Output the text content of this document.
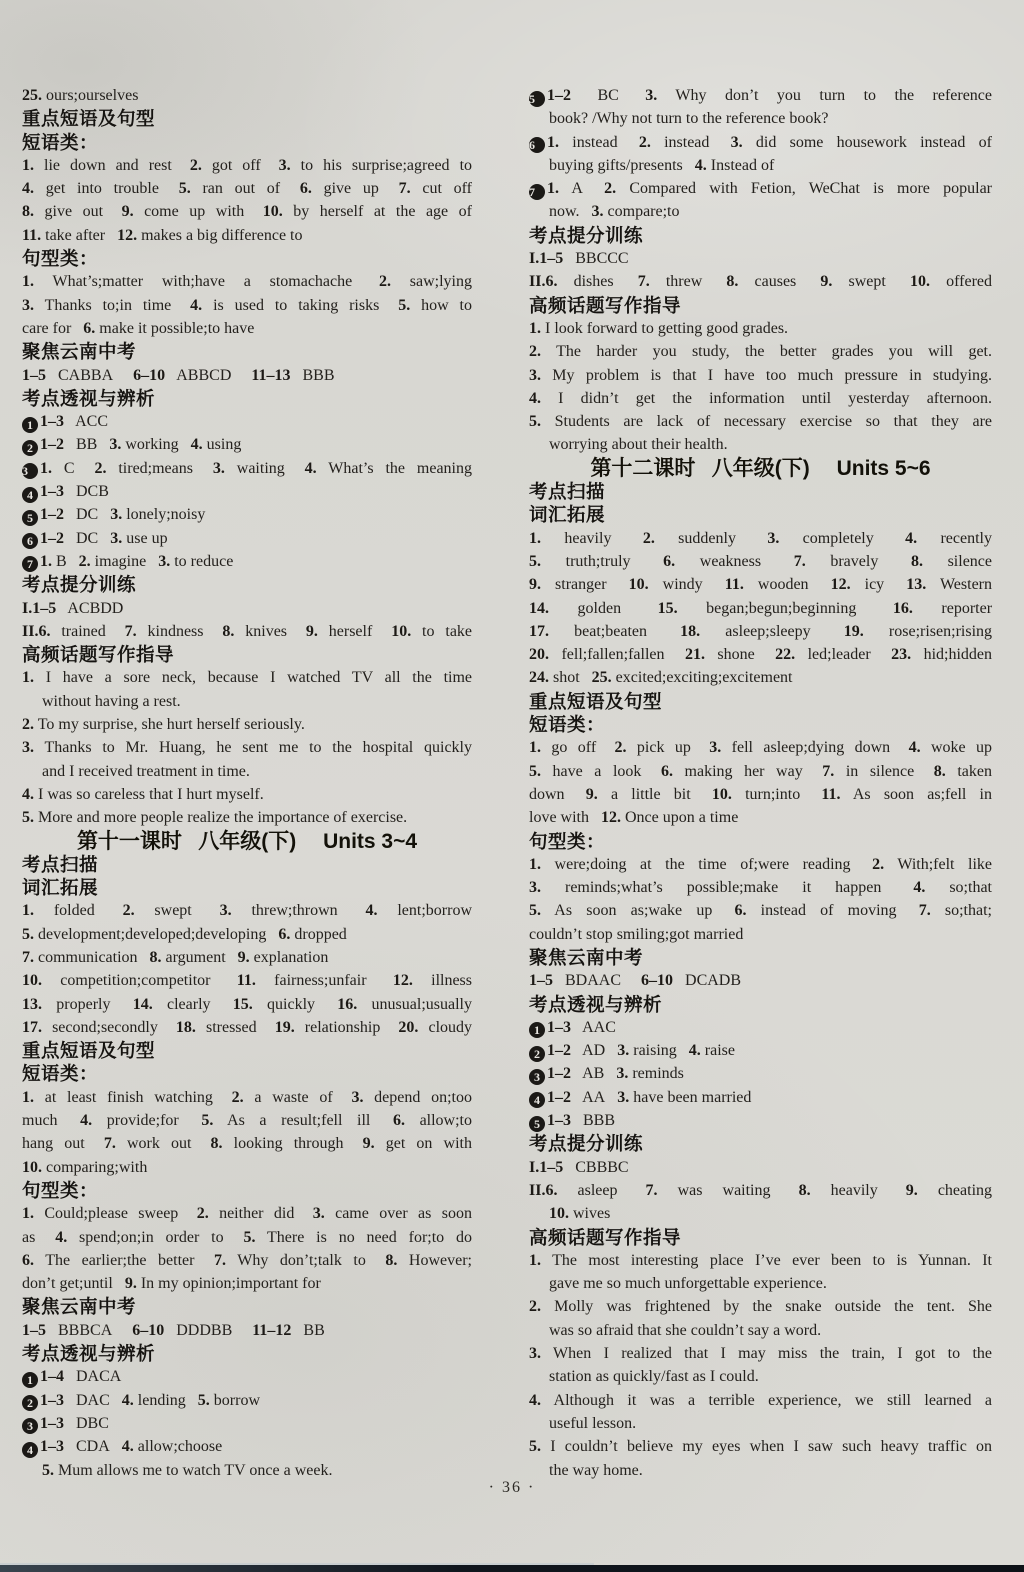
25. ours;ourselves
重点短语及句型
短语类：
1. lie down and rest  2. got off  3. to his surprise;agreed to
4. get into trouble  5. ran out of  6. give up  7. cut off
8. give out  9. come up with  10. by herself at the age of
11. take after  12. makes a big difference to
句型类：
1. What’s;matter with;have a stomachache  2. saw;lying
3. Thanks to;in time  4. is used to taking risks  5. how to
care for  6. make it possible;to have
聚焦云南中考
1–5  CABBA   6–10  ABBCD   11–13  BBB
考点透视与辨析
1 1–3  ACC
2 1–2  BB  3. working  4. using
3 1. C  2. tired;means  3. waiting  4. What’s the meaning
4 1–3  DCB
5 1–2  DC  3. lonely;noisy
6 1–2  DC  3. use up
7 1. B  2. imagine  3. to reduce
考点提分训练
I.1–5  ACBDD
II.6. trained  7. kindness  8. knives  9. herself  10. to take
高频话题写作指导
1. I have a sore neck, because I watched TV all the time
without having a rest.
2. To my surprise, she hurt herself seriously.
3. Thanks to Mr. Huang, he sent me to the hospital quickly
and I received treatment in time.
4. I was so careless that I hurt myself.
5. More and more people realize the importance of exercise.
第十一课时  八年级(下)   Units 3~4
考点扫描
词汇拓展
1. folded  2. swept  3. threw;thrown  4. lent;borrow
5. development;developed;developing  6. dropped
7. communication  8. argument  9. explanation
10. competition;competitor  11. fairness;unfair  12. illness
13. properly  14. clearly  15. quickly  16. unusual;usually
17. second;secondly  18. stressed  19. relationship  20. cloudy
重点短语及句型
短语类：
1. at least finish watching  2. a waste of  3. depend on;too
much  4. provide;for  5. As a result;fell ill  6. allow;to
hang out  7. work out  8. looking through  9. get on with
10. comparing;with
句型类：
1. Could;please sweep  2. neither did  3. came over as soon
as  4. spend;on;in order to  5. There is no need for;to do
6. The earlier;the better  7. Why don’t;talk to  8. However;
don’t get;until  9. In my opinion;important for
聚焦云南中考
1–5  BBBCA   6–10  DDDBB   11–12  BB
考点透视与辨析
1 1–4  DACA
2 1–3  DAC  4. lending  5. borrow
3 1–3  DBC
4 1–3  CDA  4. allow;choose
5. Mum allows me to watch TV once a week.
5 1–2  BC  3. Why don’t you turn to the reference
book? /Why not turn to the reference book?
6 1. instead  2. instead  3. did some housework instead of
buying gifts/presents  4. Instead of
7 1. A  2. Compared with Fetion, WeChat is more popular
now.  3. compare;to
考点提分训练
I.1–5  BBCCC
II.6. dishes  7. threw  8. causes  9. swept  10. offered
高频话题写作指导
1. I look forward to getting good grades.
2. The harder you study, the better grades you will get.
3. My problem is that I have too much pressure in studying.
4. I didn’t get the information until yesterday afternoon.
5. Students are lack of necessary exercise so that they are
worrying about their health.
第十二课时  八年级(下)   Units 5~6
考点扫描
词汇拓展
1. heavily  2. suddenly  3. completely  4. recently
5. truth;truly  6. weakness  7. bravely  8. silence
9. stranger  10. windy  11. wooden  12. icy  13. Western
14. golden  15. began;begun;beginning  16. reporter
17. beat;beaten  18. asleep;sleepy  19. rose;risen;rising
20. fell;fallen;fallen  21. shone  22. led;leader  23. hid;hidden
24. shot  25. excited;exciting;excitement
重点短语及句型
短语类：
1. go off  2. pick up  3. fell asleep;dying down  4. woke up
5. have a look  6. making her way  7. in silence  8. taken
down  9. a little bit  10. turn;into  11. As soon as;fell in
love with  12. Once upon a time
句型类：
1. were;doing at the time of;were reading  2. With;felt like
3. reminds;what’s possible;make it happen  4. so;that
5. As soon as;wake up  6. instead of moving  7. so;that;
couldn’t stop smiling;got married
聚焦云南中考
1–5  BDAAC   6–10  DCADB
考点透视与辨析
1 1–3  AAC
2 1–2  AD  3. raising  4. raise
3 1–2  AB  3. reminds
4 1–2  AA  3. have been married
5 1–3  BBB
考点提分训练
I.1–5  CBBBC
II.6. asleep  7. was waiting  8. heavily  9. cheating
10. wives
高频话题写作指导
1. The most interesting place I’ve ever been to is Yunnan. It
gave me so much unforgettable experience.
2. Molly was frightened by the snake outside the tent. She
was so afraid that she couldn’t say a word.
3. When I realized that I may miss the train, I got to the
station as quickly/fast as I could.
4. Although it was a terrible experience, we still learned a
useful lesson.
5. I couldn’t believe my eyes when I saw such heavy traffic on
the way home.
· 36 ·
